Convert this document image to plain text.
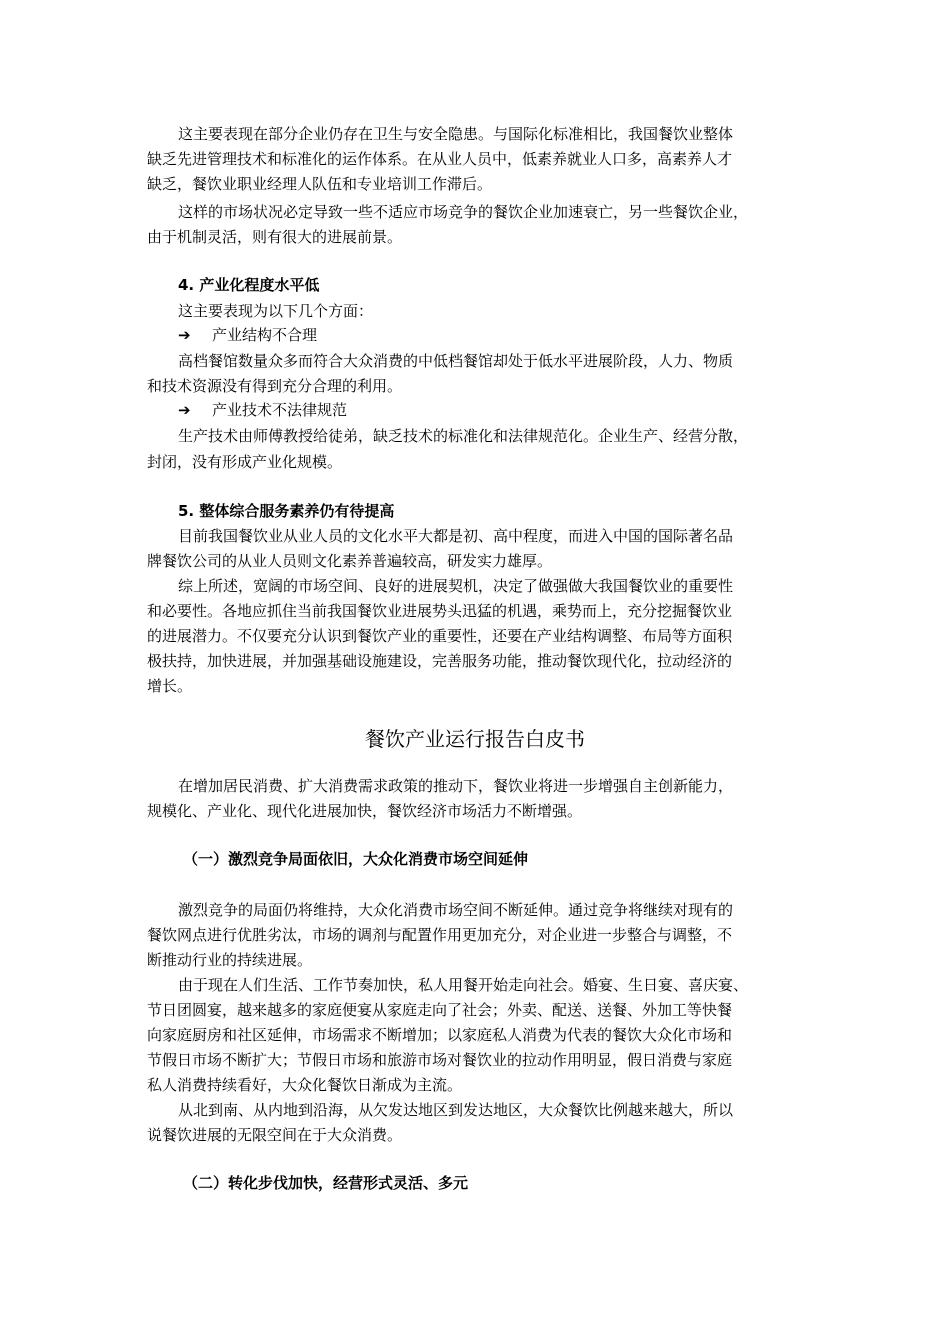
这主要表现在部分企业仍存在卫生与安全隐患。与国际化标准相比，我国餐饮业整体
缺乏先进管理技术和标准化的运作体系。在从业人员中，低素养就业人口多，高素养人才
缺乏，餐饮业职业经理人队伍和专业培训工作滞后。
这样的市场状况必定导致一些不适应市场竞争的餐饮企业加速衰亡，另一些餐饮企业，
由于机制灵活，则有很大的进展前景。
4. 产业化程度水平低
这主要表现为以下几个方面：
➔ 产业结构不合理
高档餐馆数量众多而符合大众消费的中低档餐馆却处于低水平进展阶段，人力、物质
和技术资源没有得到充分合理的利用。
➔ 产业技术不法律规范
生产技术由师傅教授给徒弟，缺乏技术的标准化和法律规范化。企业生产、经营分散，
封闭，没有形成产业化规模。
5. 整体综合服务素养仍有待提高
目前我国餐饮业从业人员的文化水平大都是初、高中程度，而进入中国的国际著名品
牌餐饮公司的从业人员则文化素养普遍较高，研发实力雄厚。
综上所述，宽阔的市场空间、良好的进展契机，决定了做强做大我国餐饮业的重要性
和必要性。各地应抓住当前我国餐饮业进展势头迅猛的机遇，乘势而上，充分挖掘餐饮业
的进展潜力。不仅要充分认识到餐饮产业的重要性，还要在产业结构调整、布局等方面积
极扶持，加快进展，并加强基础设施建设，完善服务功能，推动餐饮现代化，拉动经济的
增长。
餐饮产业运行报告白皮书
在增加居民消费、扩大消费需求政策的推动下，餐饮业将进一步增强自主创新能力，
规模化、产业化、现代化进展加快，餐饮经济市场活力不断增强。
（一）激烈竞争局面依旧，大众化消费市场空间延伸
激烈竞争的局面仍将维持，大众化消费市场空间不断延伸。通过竞争将继续对现有的
餐饮网点进行优胜劣汰，市场的调剂与配置作用更加充分，对企业进一步整合与调整，不
断推动行业的持续进展。
由于现在人们生活、工作节奏加快，私人用餐开始走向社会。婚宴、生日宴、喜庆宴、
节日团圆宴，越来越多的家庭便宴从家庭走向了社会；外卖、配送、送餐、外加工等快餐
向家庭厨房和社区延伸，市场需求不断增加；以家庭私人消费为代表的餐饮大众化市场和
节假日市场不断扩大；节假日市场和旅游市场对餐饮业的拉动作用明显，假日消费与家庭
私人消费持续看好，大众化餐饮日渐成为主流。
从北到南、从内地到沿海，从欠发达地区到发达地区，大众餐饮比例越来越大，所以
说餐饮进展的无限空间在于大众消费。
（二）转化步伐加快，经营形式灵活、多元
